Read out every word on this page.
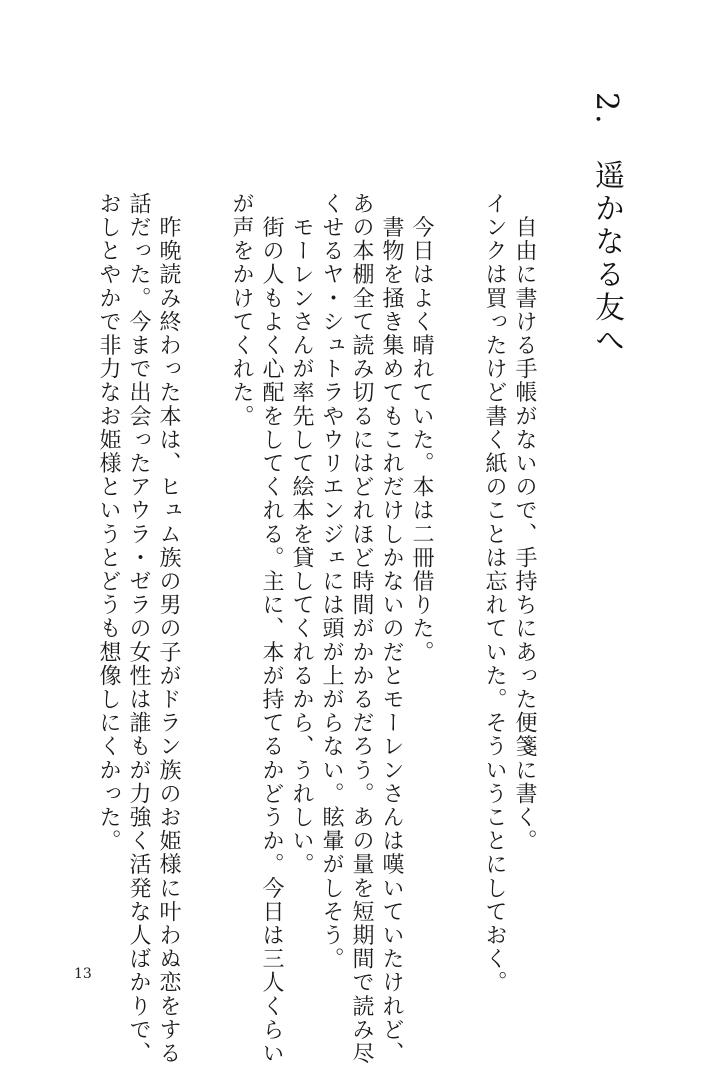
2.　遥かなる友へ
　自由に書ける手帳がないので、手持ちにあった便箋に書く。
インクは買ったけど書く紙のことは忘れていた。そういうことにしておく。
　今日はよく晴れていた。本は二冊借りた。
　書物を掻き集めてもこれだけしかないのだとモーレンさんは嘆いていたけれど、
あの本棚全て読み切るにはどれほど時間がかかるだろう。あの量を短期間で読み尽
くせるヤ・シュトラやウリエンジェには頭が上がらない。眩暈がしそう。
　モーレンさんが率先して絵本を貸してくれるから、うれしい。
　街の人もよく心配をしてくれる。主に、本が持てるかどうか。今日は三人くらい
が声をかけてくれた。
　昨晩読み終わった本は、ヒュム族の男の子がドラン族のお姫様に叶わぬ恋をする
話だった。今まで出会ったアウラ・ゼラの女性は誰もが力強く活発な人ばかりで、
おしとやかで非力なお姫様というとどうも想像しにくかった。
13
